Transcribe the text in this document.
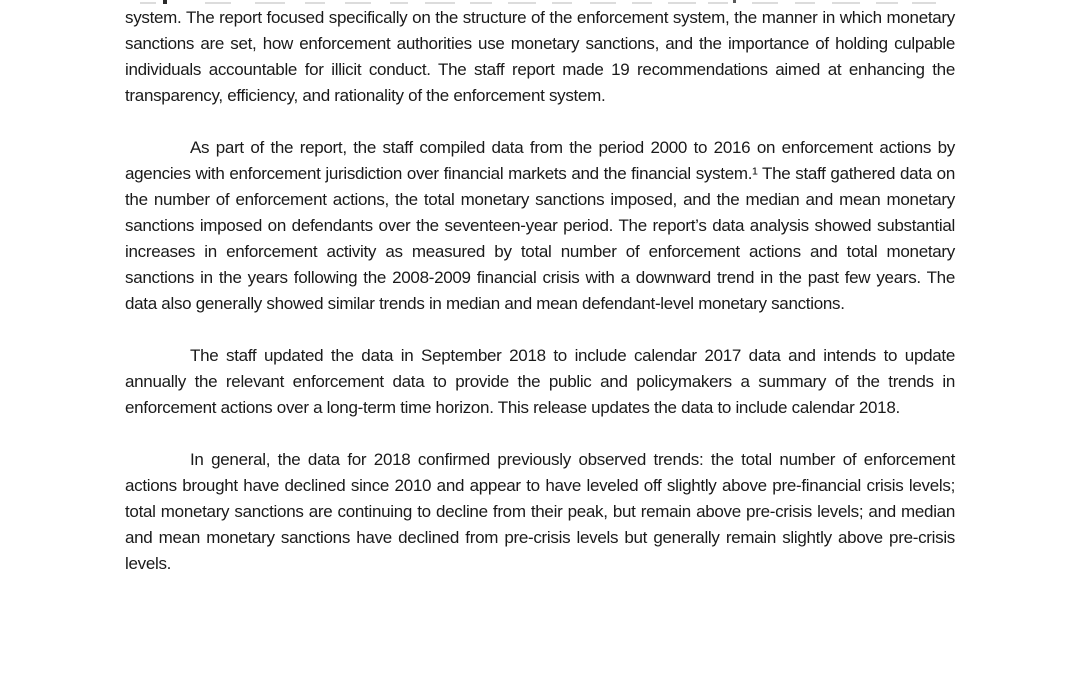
system. The report focused specifically on the structure of the enforcement system, the manner in which monetary sanctions are set, how enforcement authorities use monetary sanctions, and the importance of holding culpable individuals accountable for illicit conduct. The staff report made 19 recommendations aimed at enhancing the transparency, efficiency, and rationality of the enforcement system.

As part of the report, the staff compiled data from the period 2000 to 2016 on enforcement actions by agencies with enforcement jurisdiction over financial markets and the financial system.¹ The staff gathered data on the number of enforcement actions, the total monetary sanctions imposed, and the median and mean monetary sanctions imposed on defendants over the seventeen-year period. The report’s data analysis showed substantial increases in enforcement activity as measured by total number of enforcement actions and total monetary sanctions in the years following the 2008-2009 financial crisis with a downward trend in the past few years. The data also generally showed similar trends in median and mean defendant-level monetary sanctions.

The staff updated the data in September 2018 to include calendar 2017 data and intends to update annually the relevant enforcement data to provide the public and policymakers a summary of the trends in enforcement actions over a long-term time horizon. This release updates the data to include calendar 2018.

In general, the data for 2018 confirmed previously observed trends: the total number of enforcement actions brought have declined since 2010 and appear to have leveled off slightly above pre-financial crisis levels; total monetary sanctions are continuing to decline from their peak, but remain above pre-crisis levels; and median and mean monetary sanctions have declined from pre-crisis levels but generally remain slightly above pre-crisis levels.
